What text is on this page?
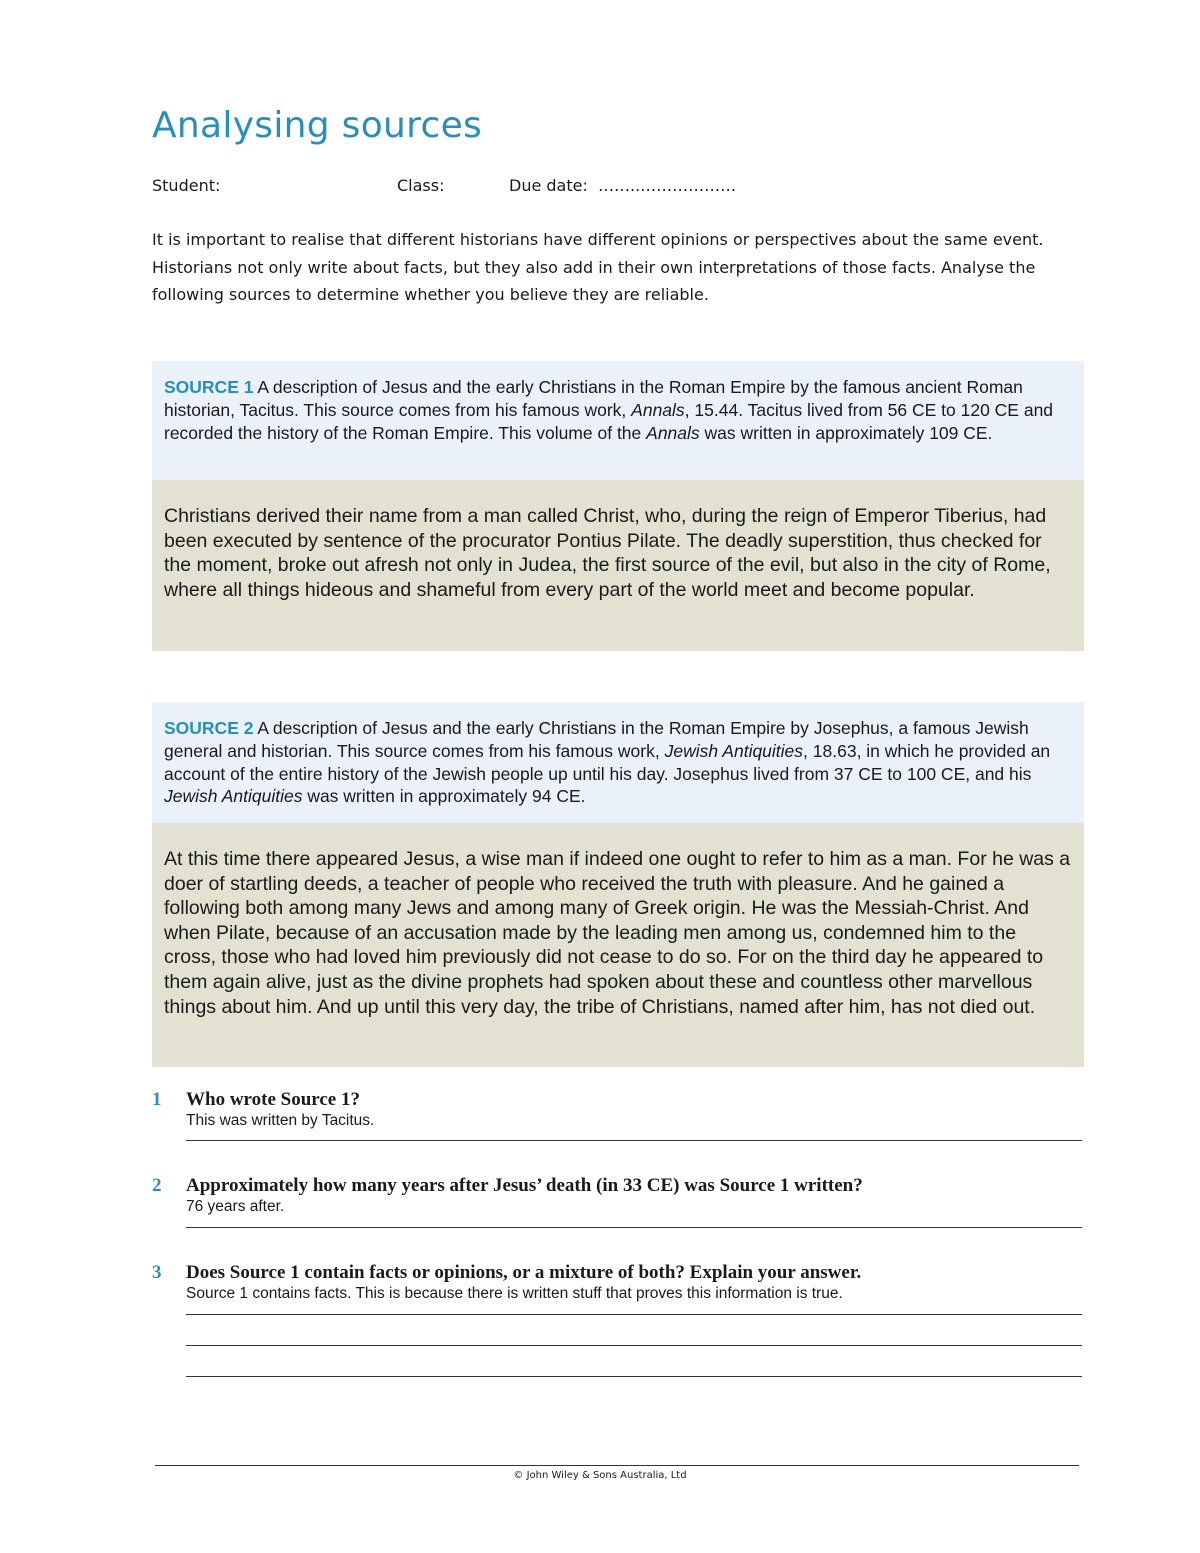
Analysing sources
Student:	Class:	Due date: ……..………………

It is important to realise that different historians have different opinions or perspectives about the same event. Historians not only write about facts, but they also add in their own interpretations of those facts. Analyse the following sources to determine whether you believe they are reliable.

SOURCE 1 A description of Jesus and the early Christians in the Roman Empire by the famous ancient Roman historian, Tacitus. This source comes from his famous work, Annals, 15.44. Tacitus lived from 56 CE to 120 CE and recorded the history of the Roman Empire. This volume of the Annals was written in approximately 109 CE.
Christians derived their name from a man called Christ, who, during the reign of Emperor Tiberius, had been executed by sentence of the procurator Pontius Pilate. The deadly superstition, thus checked for the moment, broke out afresh not only in Judea, the first source of the evil, but also in the city of Rome, where all things hideous and shameful from every part of the world meet and become popular.
SOURCE 2 A description of Jesus and the early Christians in the Roman Empire by Josephus, a famous Jewish general and historian. This source comes from his famous work, Jewish Antiquities, 18.63, in which he provided an account of the entire history of the Jewish people up until his day. Josephus lived from 37 CE to 100 CE, and his Jewish Antiquities was written in approximately 94 CE.
At this time there appeared Jesus, a wise man if indeed one ought to refer to him as a man. For he was a doer of startling deeds, a teacher of people who received the truth with pleasure. And he gained a following both among many Jews and among many of Greek origin. He was the Messiah-Christ. And when Pilate, because of an accusation made by the leading men among us, condemned him to the cross, those who had loved him previously did not cease to do so. For on the third day he appeared to them again alive, just as the divine prophets had spoken about these and countless other marvellous things about him. And up until this very day, the tribe of Christians, named after him, has not died out.
1 Who wrote Source 1?
This was written by Tacitus.
2 Approximately how many years after Jesus’ death (in 33 CE) was Source 1 written?
76 years after.
3 Does Source 1 contain facts or opinions, or a mixture of both? Explain your answer.
Source 1 contains facts. This is because there is written stuff that proves this information is true.
© John Wiley & Sons Australia, Ltd
